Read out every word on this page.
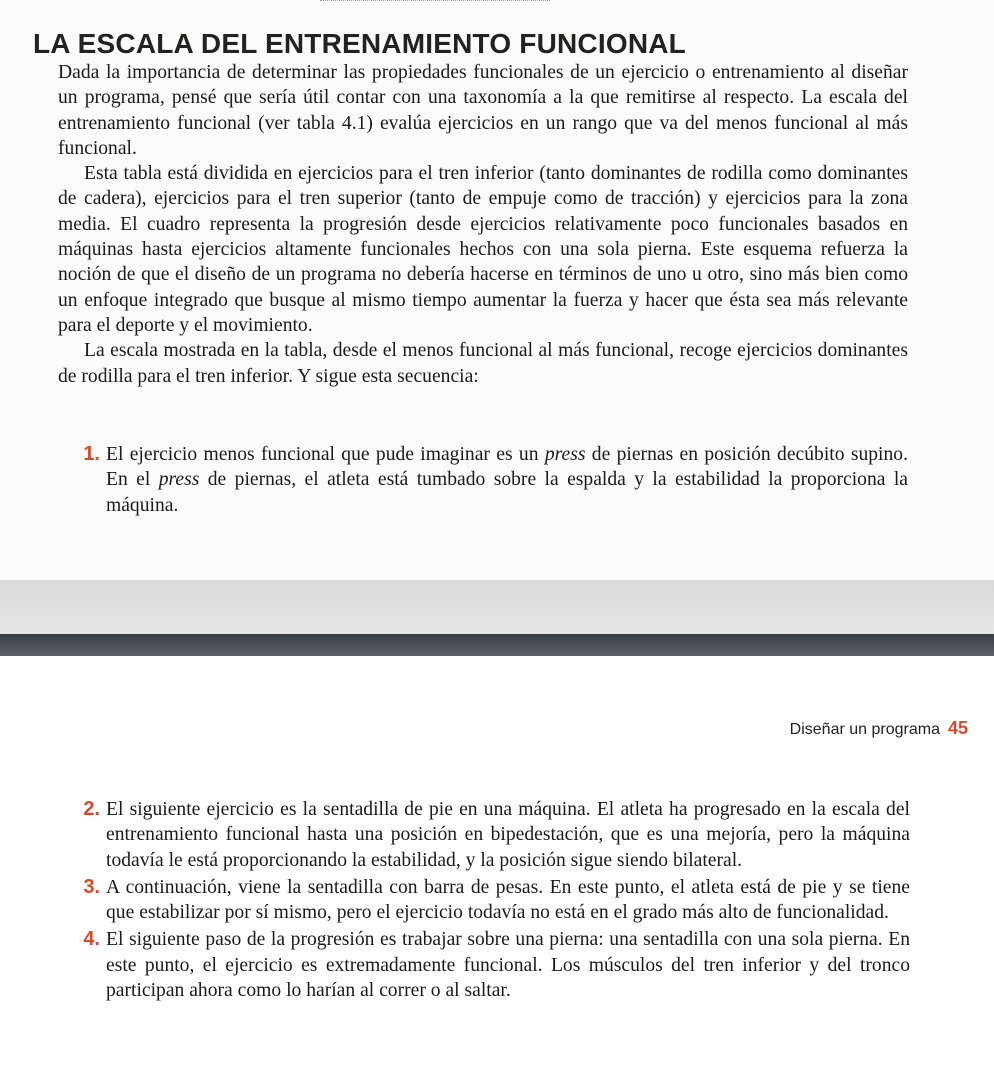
LA ESCALA DEL ENTRENAMIENTO FUNCIONAL

Dada la importancia de determinar las propiedades funcionales de un ejercicio o entrenamiento al diseñar un programa, pensé que sería útil contar con una taxonomía a la que remitirse al respecto. La escala del entrenamiento funcional (ver tabla 4.1) evalúa ejercicios en un rango que va del menos funcional al más funcional.

Esta tabla está dividida en ejercicios para el tren inferior (tanto dominantes de rodilla como dominantes de cadera), ejercicios para el tren superior (tanto de empuje como de tracción) y ejercicios para la zona media. El cuadro representa la progresión desde ejercicios relativamente poco funcionales basados en máquinas hasta ejercicios altamente funcionales hechos con una sola pierna. Este esquema refuerza la noción de que el diseño de un programa no debería hacerse en términos de uno u otro, sino más bien como un enfoque integrado que busque al mismo tiempo aumentar la fuerza y hacer que ésta sea más relevante para el deporte y el movimiento.

La escala mostrada en la tabla, desde el menos funcional al más funcional, recoge ejercicios dominantes de rodilla para el tren inferior. Y sigue esta secuencia:

1. El ejercicio menos funcional que pude imaginar es un press de piernas en posición decúbito supino. En el press de piernas, el atleta está tumbado sobre la espalda y la estabilidad la proporciona la máquina.
Diseñar un programa 45
2. El siguiente ejercicio es la sentadilla de pie en una máquina. El atleta ha progresado en la escala del entrenamiento funcional hasta una posición en bipedestación, que es una mejoría, pero la máquina todavía le está proporcionando la estabilidad, y la posición sigue siendo bilateral.
3. A continuación, viene la sentadilla con barra de pesas. En este punto, el atleta está de pie y se tiene que estabilizar por sí mismo, pero el ejercicio todavía no está en el grado más alto de funcionalidad.
4. El siguiente paso de la progresión es trabajar sobre una pierna: una sentadilla con una sola pierna. En este punto, el ejercicio es extremadamente funcional. Los músculos del tren inferior y del tronco participan ahora como lo harían al correr o al saltar.
